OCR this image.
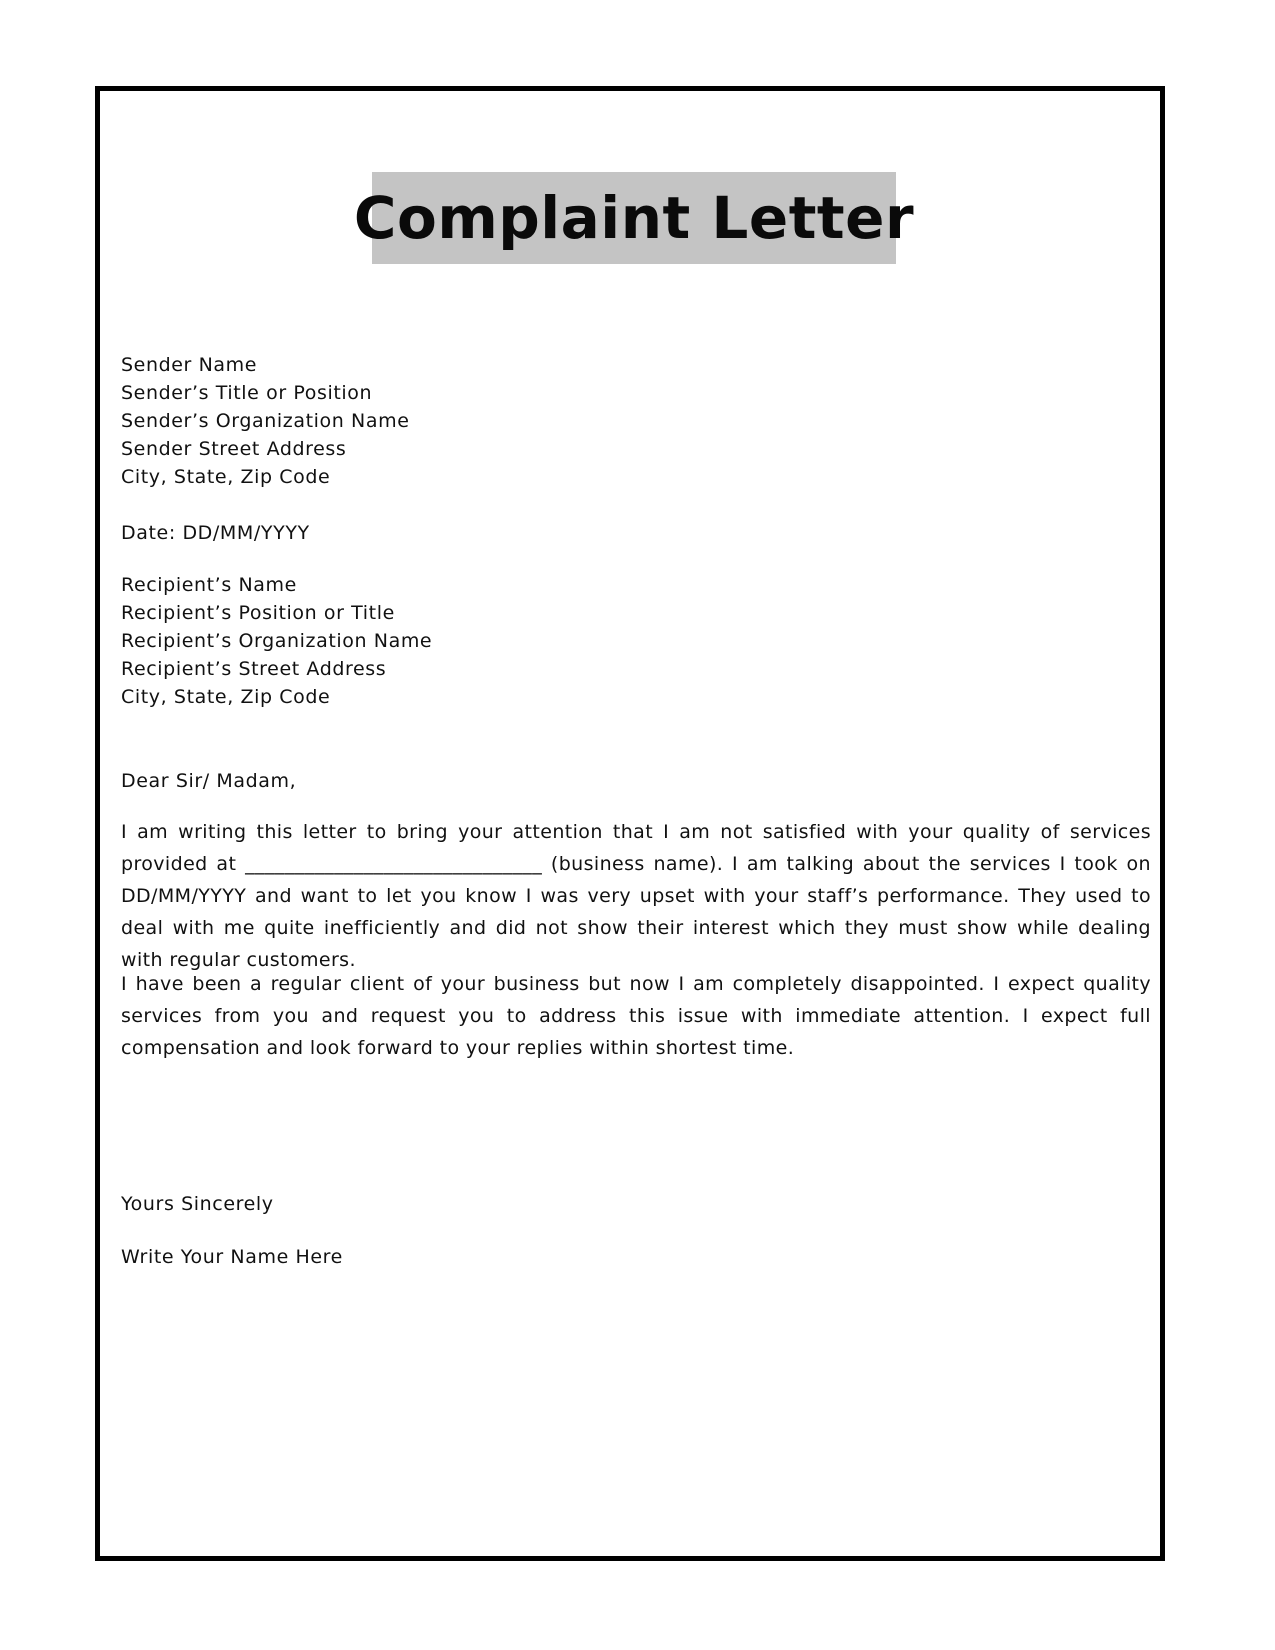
Complaint Letter
Sender Name
Sender’s Title or Position
Sender’s Organization Name
Sender Street Address
City, State, Zip Code
Date: DD/MM/YYYY
Recipient’s Name
Recipient’s Position or Title
Recipient’s Organization Name
Recipient’s Street Address
City, State, Zip Code
Dear Sir/ Madam,

I am writing this letter to bring your attention that I am not satisfied with your quality of services provided at ______________________________ (business name). I am talking about the services I took on DD/MM/YYYY and want to let you know I was very upset with your staff’s performance. They used to deal with me quite inefficiently and did not show their interest which they must show while dealing with regular customers.

I have been a regular client of your business but now I am completely disappointed. I expect quality services from you and request you to address this issue with immediate attention. I expect full compensation and look forward to your replies within shortest time.

Yours Sincerely
Write Your Name Here
